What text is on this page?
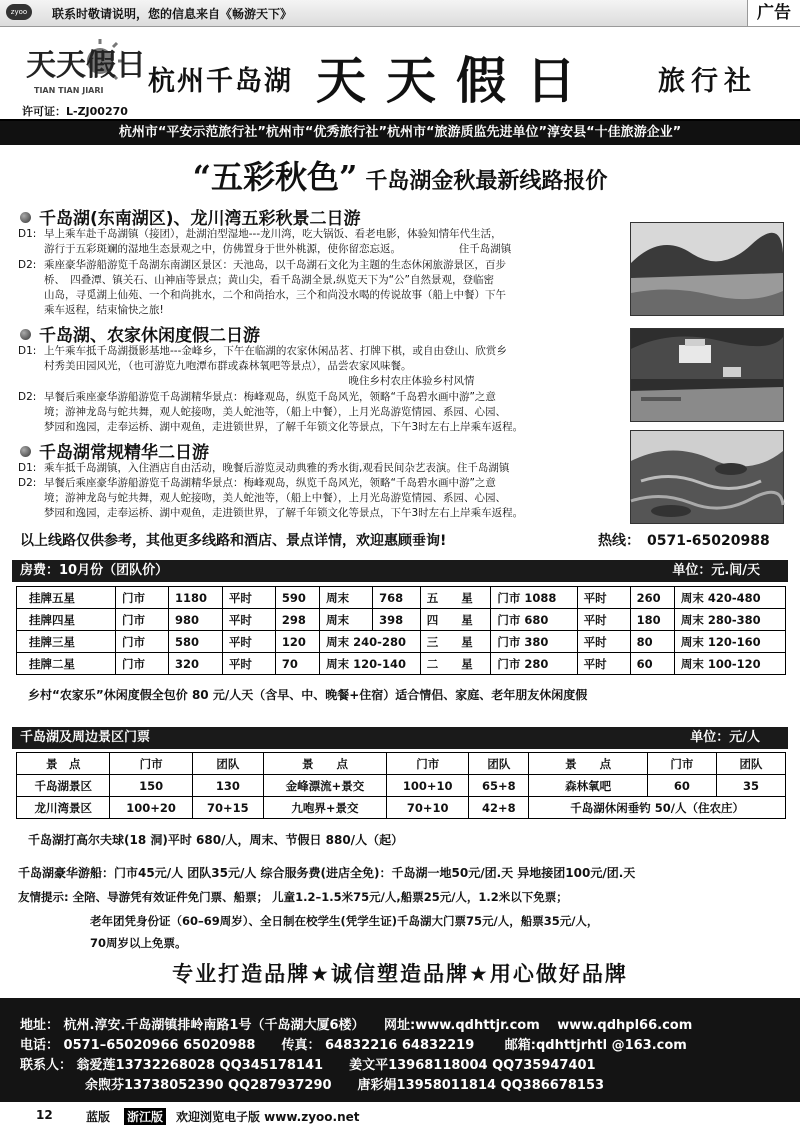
zyoo	联系时敬请说明，您的信息来自《畅游天下》	广告
天天假日
TIAN TIAN JIARI
许可证：L-ZJ00270
杭州千岛湖 天天假日 旅行社
杭州市“平安示范旅行社”杭州市“优秀旅行社”杭州市“旅游质监先进单位”淳安县“十佳旅游企业”
“五彩秋色” 千岛湖金秋最新线路报价
千岛湖(东南湖区)、龙川湾五彩秋景二日游
D1: 早上乘车赴千岛湖镇（接团），赴湖泊型湿地---龙川湾，吃大锅饭、看老电影，体验知情年代生活，
游行于五彩斑斓的湿地生态景观之中，仿佛置身于世外桃源，使你留恋忘返。　　　　　　住千岛湖镇
D2: 乘座豪华游船游览千岛湖东南湖区景区：天池岛，以千岛湖石文化为主题的生态休闲旅游景区，百步
桥、　四叠潭、镇关石、山神庙等景点；黄山尖，看千岛湖全景,纵览天下为“公”自然景观，登临密
山岛，寻觅湖上仙苑、一个和尚挑水，二个和尚抬水，三个和尚没水喝的传说故事（船上中餐）下午
乘车返程，结束愉快之旅!
千岛湖、农家休闲度假二日游
D1: 上午乘车抵千岛湖摄影基地---金峰乡，下午在临湖的农家休闲品茗、打牌下棋，或自由登山、欣赏乡
村秀美田园风光，（也可游览九咆潭布群或森林氧吧等景点），品尝农家风味餐。
　　　　　　　　　　　　　　　　　　　　　　　　　　　　　晚住乡村农庄体验乡村风情
D2: 早餐后乘座豪华游船游览千岛湖精华景点：梅峰观岛，纵览千岛风光，领略“千岛碧水画中游”之意
境；游神龙岛与蛇共舞，观人蛇接吻，美人蛇池等，（船上中餐），上月光岛游览情园、系园、心园、
梦园和逸园，走奉运桥、湖中观鱼，走进锁世界，了解千年锁文化等景点，下午3时左右上岸乘车返程。
千岛湖常规精华二日游
D1: 乘车抵千岛湖镇，入住酒店自由活动，晚餐后游览灵动典雅的秀水街,观看民间杂艺表演。住千岛湖镇
D2: 早餐后乘座豪华游船游览千岛湖精华景点：梅峰观岛，纵览千岛风光，领略“千岛碧水画中游”之意
境；游神龙岛与蛇共舞，观人蛇接吻，美人蛇池等，（船上中餐），上月光岛游览情园、系园、心园、
梦园和逸园，走奉运桥、湖中观鱼，走进锁世界，了解千年锁文化等景点，下午3时左右上岸乘车返程。
以上线路仅供参考，其他更多线路和酒店、景点详情，欢迎惠顾垂询!	热线：　0571-65020988
房费：10月份（团队价）	单位：元.间/天
挂牌五星	门市	1180	平时	590	周末	768	五　　星	门市 1088	平时	260	周末 420-480
挂牌四星	门市	980	平时	298	周末	398	四　　星	门市 680	平时	180	周末 280-380
挂牌三星	门市	580	平时	120	周末 240-280		三　　星	门市 380	平时	80	周末 120-160
挂牌二星	门市	320	平时	70	周末 120-140		二　　星	门市 280	平时	60	周末 100-120
乡村“农家乐”休闲度假全包价 80 元/人天（含早、中、晚餐+住宿）适合情侣、家庭、老年朋友休闲度假
千岛湖及周边景区门票	单位：元/人
景　点	门市	团队	景　　点	门市	团队	景　　点	门市	团队
千岛湖景区	150	130	金峰漂流+景交	100+10	65+8	森林氧吧	60	35
龙川湾景区	100+20	70+15	九咆界+景交	70+10	42+8	千岛湖休闲垂钓 50/人（住农庄）		
千岛湖打高尔夫球(18 洞)平时 680/人，周末、节假日 880/人（起）
千岛湖豪华游船：门市45元/人 团队35元/人 综合服务费(进店全免)：千岛湖一地50元/团.天 异地接团100元/团.天
友情提示: 全陪、导游凭有效证件免门票、船票； 儿童1.2–1.5米75元/人,船票25元/人，1.2米以下免票；
老年团凭身份证（60–69周岁）、全日制在校学生(凭学生证)千岛湖大门票75元/人，船票35元/人，
70周岁以上免票。
专业打造品牌★诚信塑造品牌★用心做好品牌
地址： 杭州.淳安.千岛湖镇排岭南路1号（千岛湖大厦6楼）　　网址:www.qdhttjr.com　 www.qdhpl66.com
电话： 0571–65020966 65020988　　传真： 64832216 64832219　　 邮箱:qdhttjrhtl @163.com
联系人： 翁爱莲13732268028 QQ345178141　　姜文平13968118004 QQ735947401
　　　　　余煦芬13738052390 QQ287937290　　唐彩娟13958011814 QQ386678153
12	蓝版 浙江版 欢迎浏览电子版 www.zyoo.net
